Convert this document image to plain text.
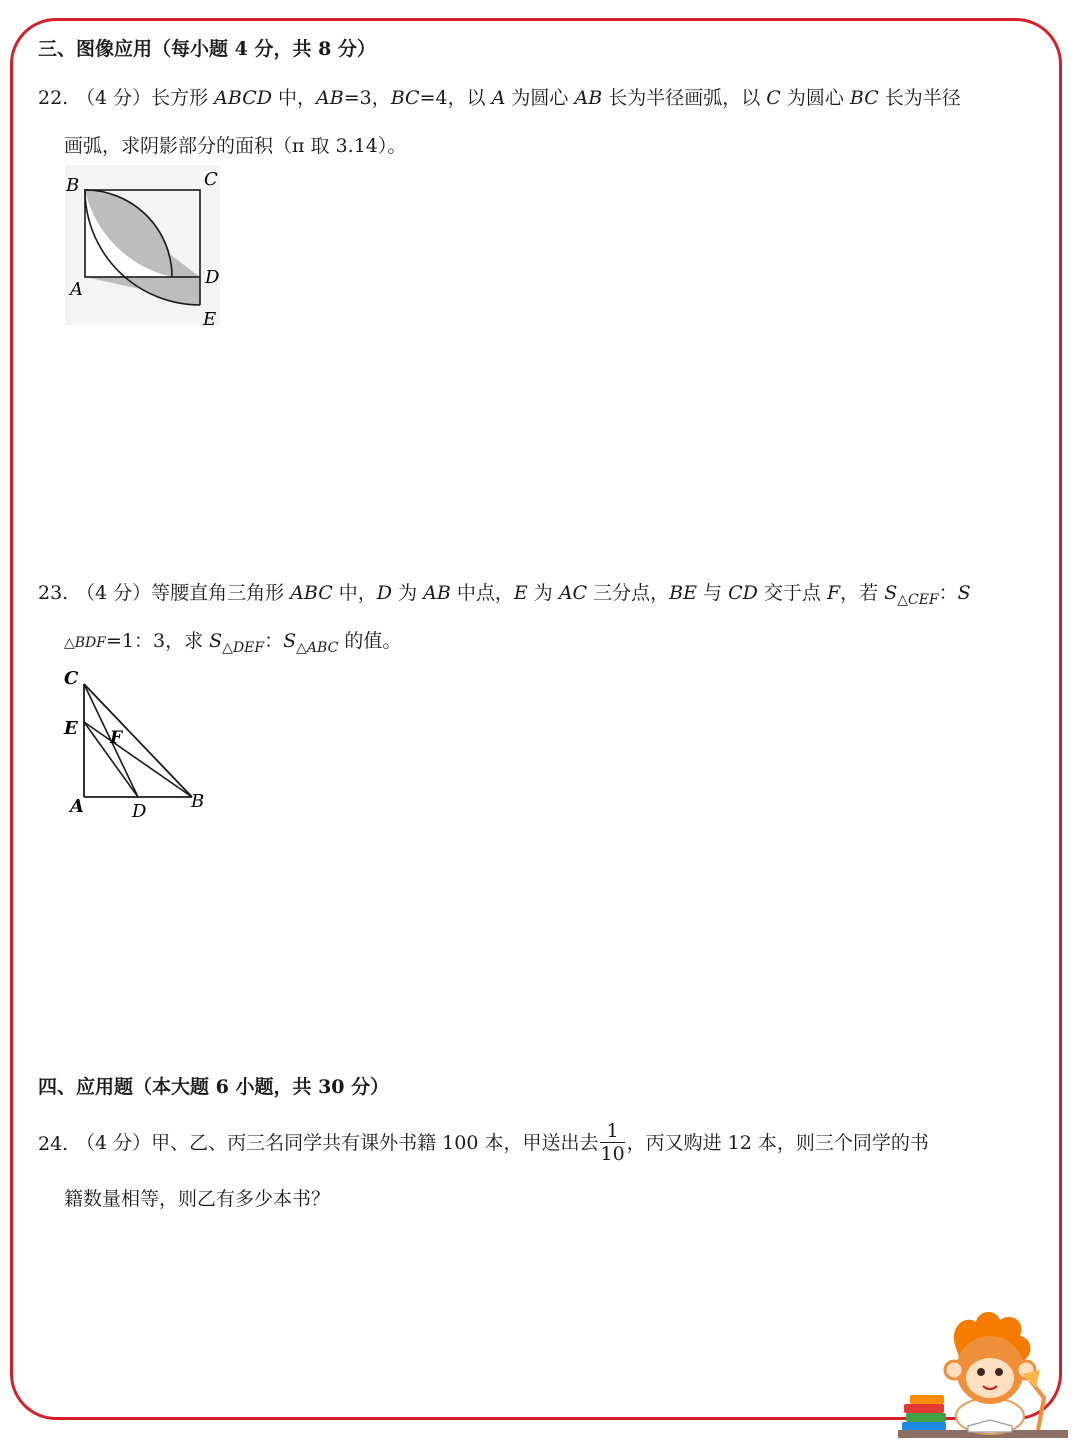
三、图像应用（每小题 4 分，共 8 分）
22. （4 分）长方形 ABCD 中，AB=3，BC=4，以 A 为圆心 AB 长为半径画弧，以 C 为圆心 BC 长为半径
画弧，求阴影部分的面积（π 取 3.14）。
B	C
A
D
E
23. （4 分）等腰直角三角形 ABC 中，D 为 AB 中点，E 为 AC 三分点，BE 与 CD 交于点 F，若 $S_{\triangle CEF}$：S
△BDF=1：3，求 $S_{\triangle DEF}$：$S_{\triangle ABC}$ 的值。
C
E F
A	D B
四、应用题（本大题 6 小题，共 30 分）
24. （4 分）甲、乙、丙三名同学共有课外书籍 100 本，甲送出去 $\frac{1}{10}$ ，丙又购进 12 本，则三个同学的书
籍数量相等，则乙有多少本书？
